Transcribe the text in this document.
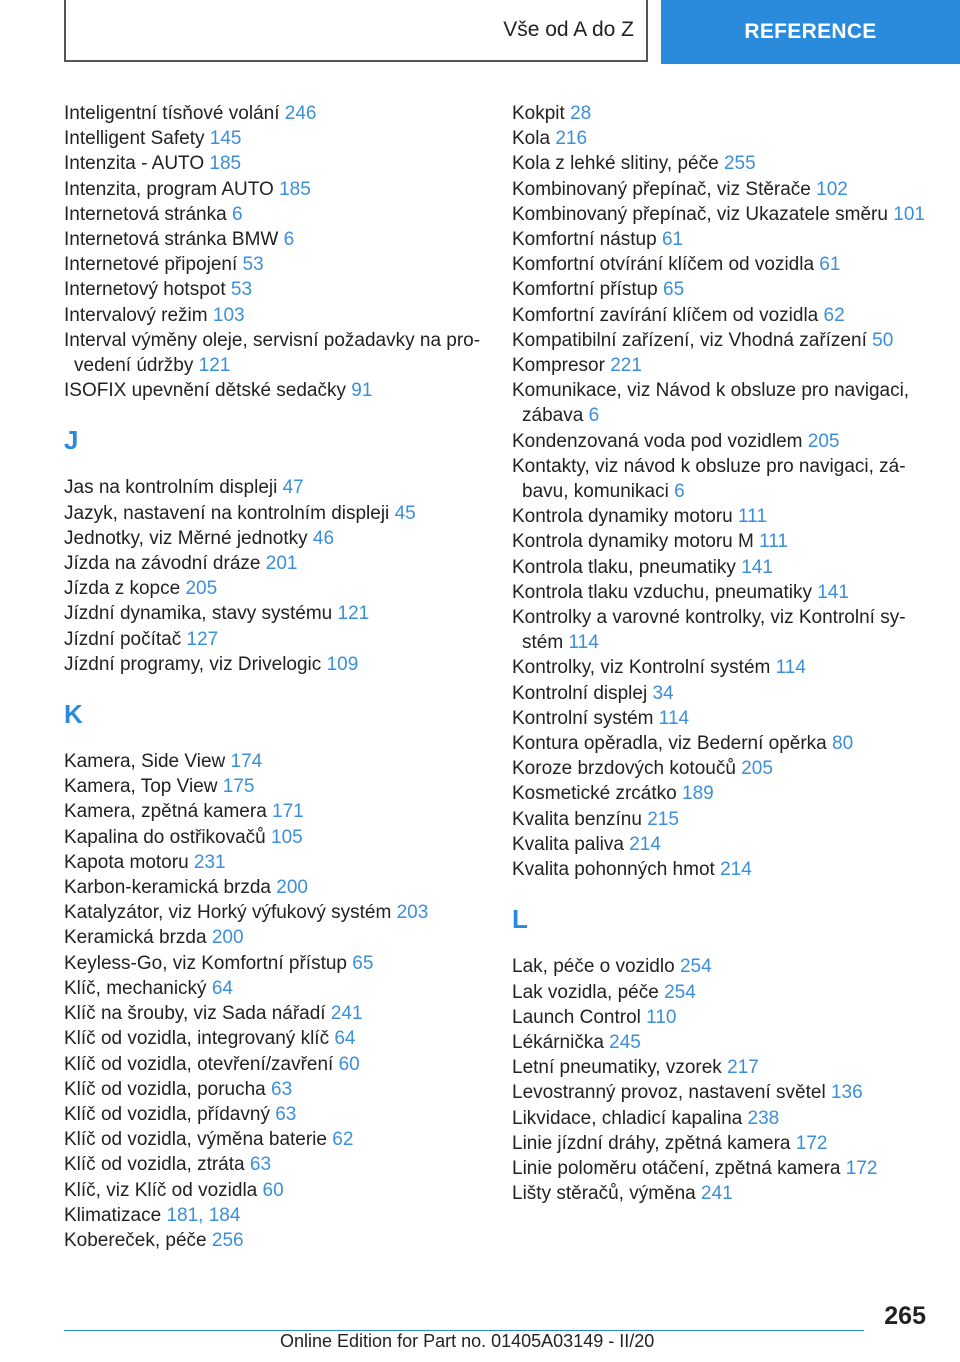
Vše od A do Z	REFERENCE
Inteligentní tísňové volání 246
Intelligent Safety 145
Intenzita - AUTO 185
Intenzita, program AUTO 185
Internetová stránka 6
Internetová stránka BMW 6
Internetové připojení 53
Internetový hotspot 53
Intervalový režim 103
Interval výměny oleje, servisní požadavky na provedení údržby 121
ISOFIX upevnění dětské sedačky 91
J
Jas na kontrolním displeji 47
Jazyk, nastavení na kontrolním displeji 45
Jednotky, viz Měrné jednotky 46
Jízda na závodní dráze 201
Jízda z kopce 205
Jízdní dynamika, stavy systému 121
Jízdní počítač 127
Jízdní programy, viz Drivelogic 109
K
Kamera, Side View 174
Kamera, Top View 175
Kamera, zpětná kamera 171
Kapalina do ostřikovačů 105
Kapota motoru 231
Karbon-keramická brzda 200
Katalyzátor, viz Horký výfukový systém 203
Keramická brzda 200
Keyless-Go, viz Komfortní přístup 65
Klíč, mechanický 64
Klíč na šrouby, viz Sada nářadí 241
Klíč od vozidla, integrovaný klíč 64
Klíč od vozidla, otevření/zavření 60
Klíč od vozidla, porucha 63
Klíč od vozidla, přídavný 63
Klíč od vozidla, výměna baterie 62
Klíč od vozidla, ztráta 63
Klíč, viz Klíč od vozidla 60
Klimatizace 181, 184
Kobereček, péče 256
Kokpit 28
Kola 216
Kola z lehké slitiny, péče 255
Kombinovaný přepínač, viz Stěrače 102
Kombinovaný přepínač, viz Ukazatele směru 101
Komfortní nástup 61
Komfortní otvírání klíčem od vozidla 61
Komfortní přístup 65
Komfortní zavírání klíčem od vozidla 62
Kompatibilní zařízení, viz Vhodná zařízení 50
Kompresor 221
Komunikace, viz Návod k obsluze pro navigaci, zábava 6
Kondenzovaná voda pod vozidlem 205
Kontakty, viz návod k obsluze pro navigaci, zábavu, komunikaci 6
Kontrola dynamiky motoru 111
Kontrola dynamiky motoru M 111
Kontrola tlaku, pneumatiky 141
Kontrola tlaku vzduchu, pneumatiky 141
Kontrolky a varovné kontrolky, viz Kontrolní systém 114
Kontrolky, viz Kontrolní systém 114
Kontrolní displej 34
Kontrolní systém 114
Kontura opěradla, viz Bederní opěrka 80
Koroze brzdových kotoučů 205
Kosmetické zrcátko 189
Kvalita benzínu 215
Kvalita paliva 214
Kvalita pohonných hmot 214
L
Lak, péče o vozidlo 254
Lak vozidla, péče 254
Launch Control 110
Lékárnička 245
Letní pneumatiky, vzorek 217
Levostranný provoz, nastavení světel 136
Likvidace, chladicí kapalina 238
Linie jízdní dráhy, zpětná kamera 172
Linie poloměru otáčení, zpětná kamera 172
Lišty stěračů, výměna 241
265
Online Edition for Part no. 01405A03149 - II/20
